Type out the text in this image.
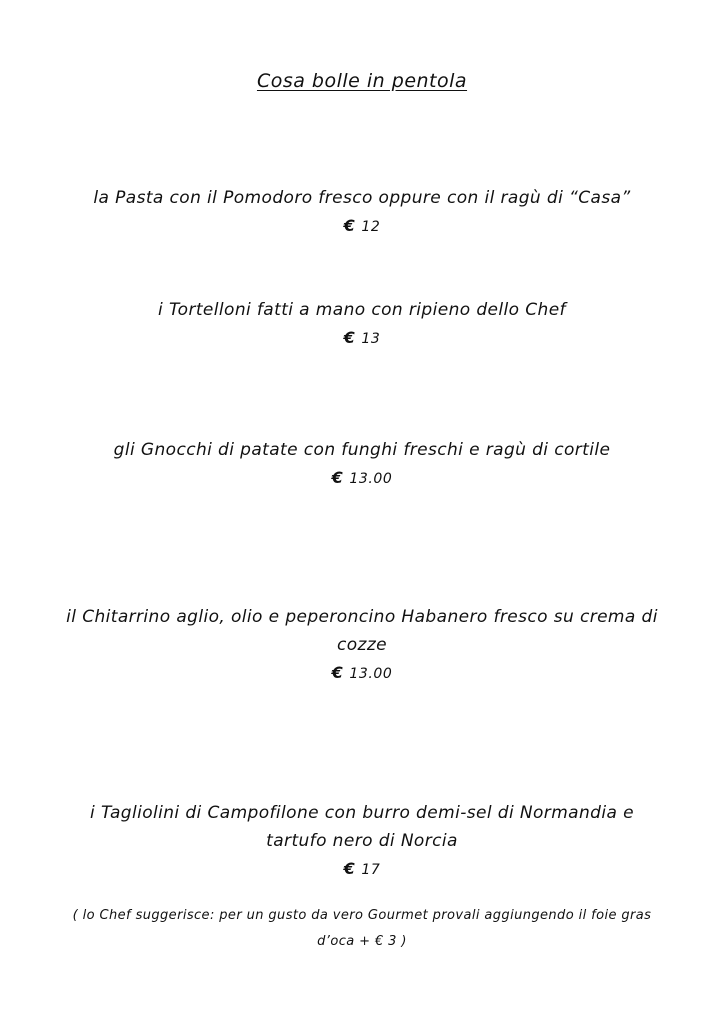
Cosa bolle in pentola
la Pasta con il Pomodoro fresco oppure con il ragù di “Casa”
€ 12
i Tortelloni fatti a mano con ripieno dello Chef
€ 13
gli Gnocchi di patate con funghi freschi e ragù di cortile
€ 13.00
il Chitarrino aglio, olio e peperoncino Habanero fresco su crema di cozze
€ 13.00
i Tagliolini di Campofilone con burro demi-sel di Normandia e tartufo nero di Norcia
€ 17
( lo Chef suggerisce: per un gusto da vero Gourmet provali aggiungendo il foie gras d’oca + € 3 )
